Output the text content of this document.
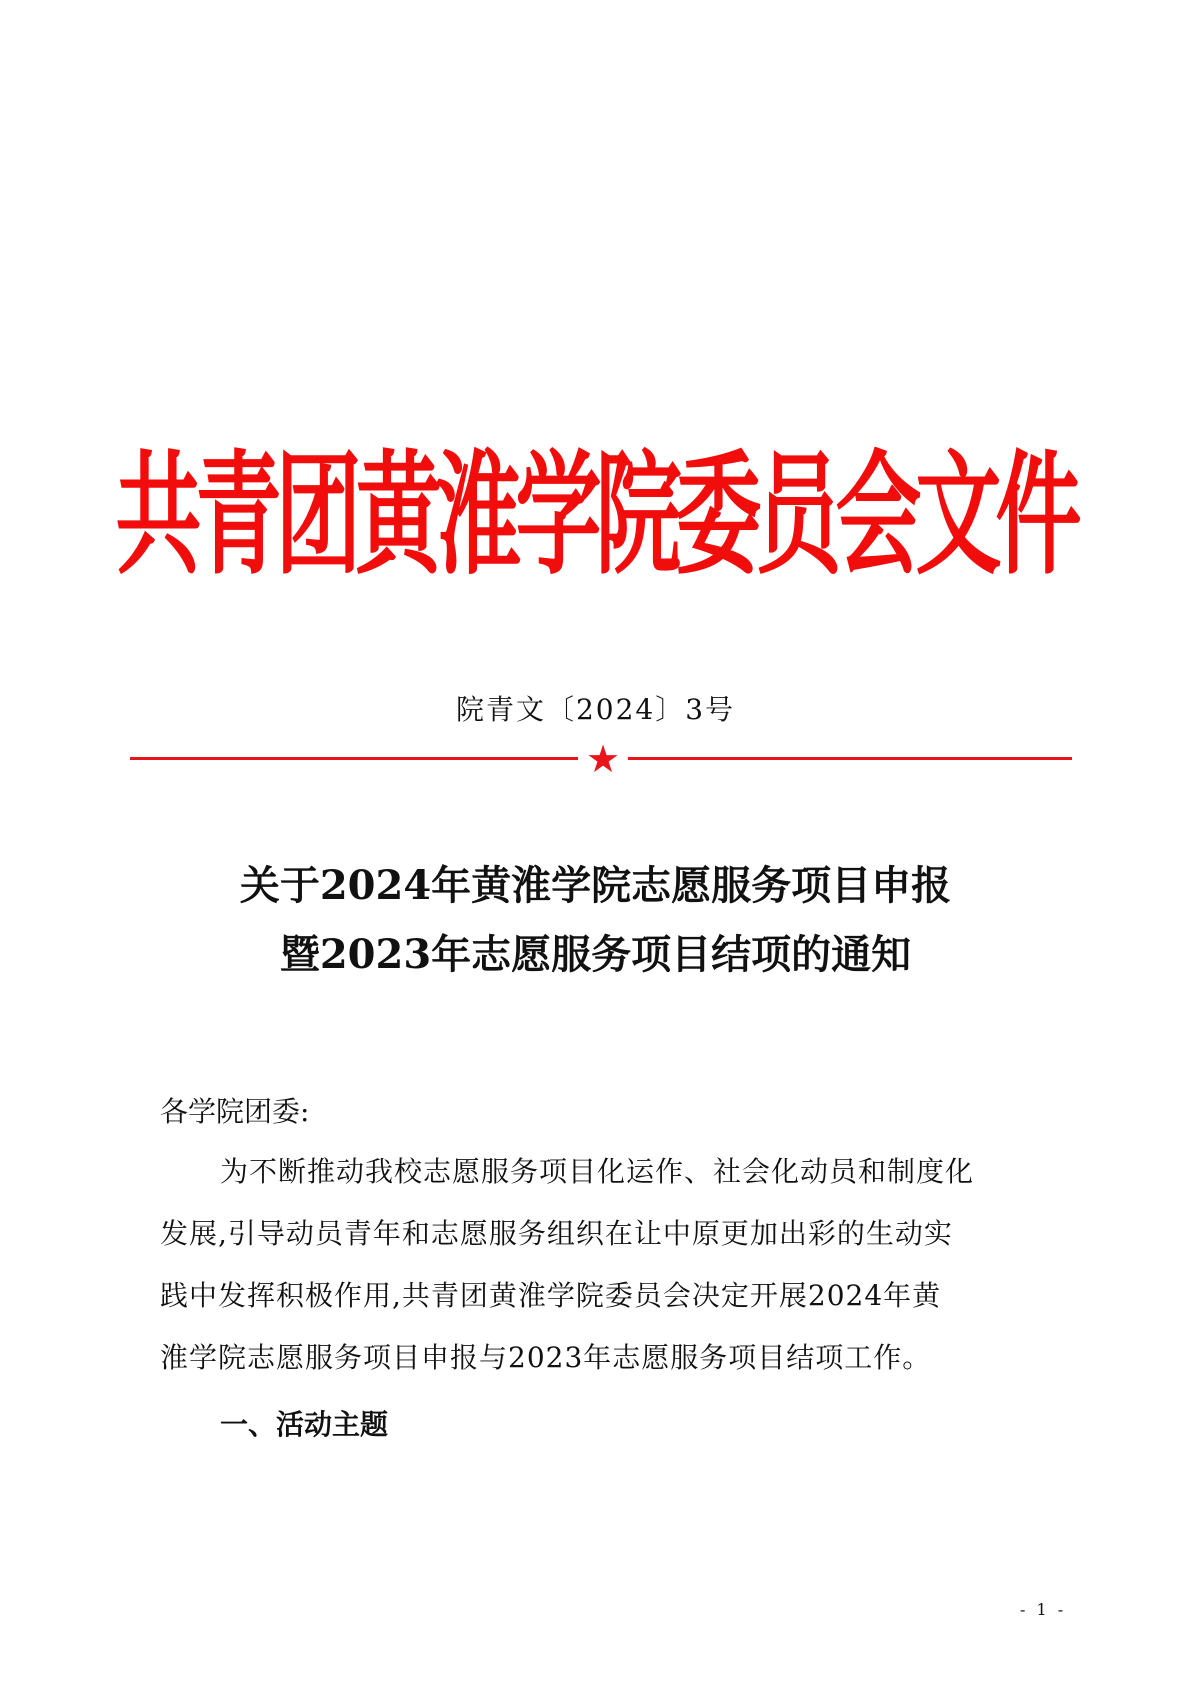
共青团黄淮学院委员会文件
院青文〔2024〕3号
★
关于2024年黄淮学院志愿服务项目申报
暨2023年志愿服务项目结项的通知
各学院团委:
为不断推动我校志愿服务项目化运作、社会化动员和制度化
发展,引导动员青年和志愿服务组织在让中原更加出彩的生动实
践中发挥积极作用,共青团黄淮学院委员会决定开展2024年黄
淮学院志愿服务项目申报与2023年志愿服务项目结项工作。
一、活动主题
- 1 -
